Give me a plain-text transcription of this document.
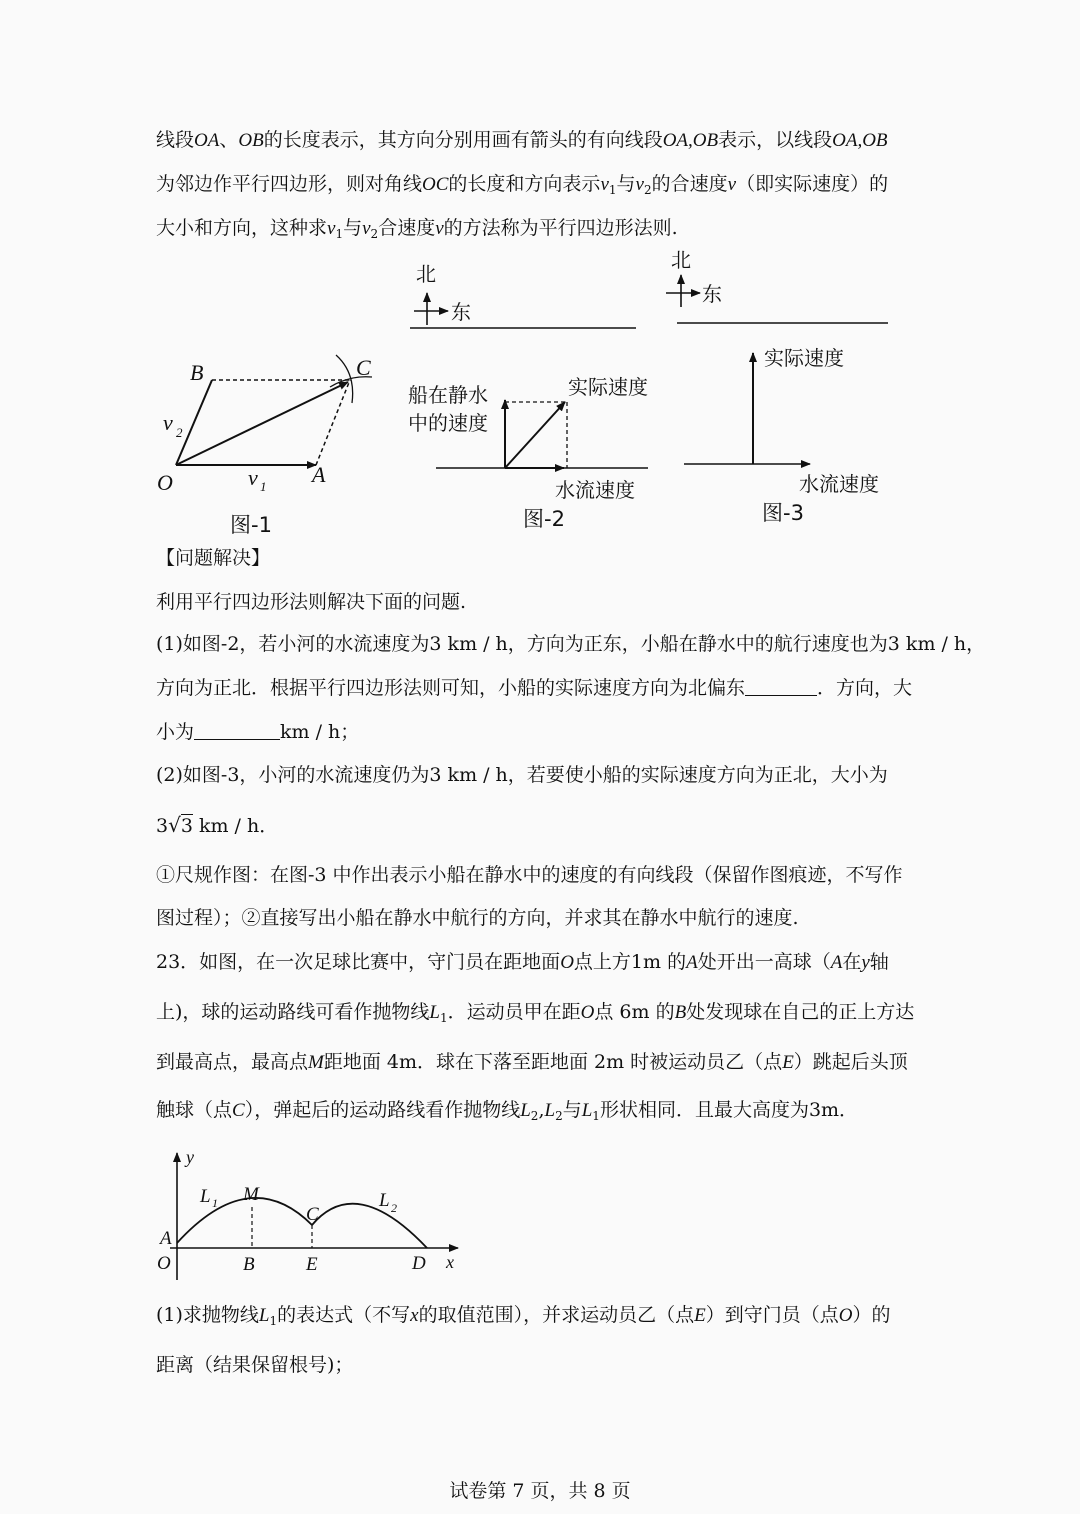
线段OA、OB的长度表示，其方向分别用画有箭头的有向线段OA,OB表示，以线段OA,OB
为邻边作平行四边形，则对角线OC的长度和方向表示$v_1$与$v_2$的合速度v（即实际速度）的
大小和方向，这种求$v_1$与$v_2$合速度v的方法称为平行四边形法则.
B	C
O	A
v 2
v 1
图-1
北
东
船在静水
中的速度
实际速度
水流速度
图-2
北
东
实际速度
水流速度
图-3
【问题解决】
利用平行四边形法则解决下面的问题.
(1)如图-2，若小河的水流速度为3 km / h，方向为正东，小船在静水中的航行速度也为3 km / h，
方向为正北．根据平行四边形法则可知，小船的实际速度方向为北偏东	．方向，大
小为	km / h；
(2)如图-3，小河的水流速度仍为3 km / h，若要使小船的实际速度方向为正北，大小为
3√3 km / h．
①尺规作图：在图-3 中作出表示小船在静水中的速度的有向线段（保留作图痕迹，不写作
图过程）；②直接写出小船在静水中航行的方向，并求其在静水中航行的速度.
23．如图，在一次足球比赛中，守门员在距地面O点上方1m 的A处开出一高球（A在y轴
上)，球的运动路线可看作抛物线$L_1$．运动员甲在距O点 6m 的B处发现球在自己的正上方达
到最高点，最高点M距地面 4m．球在下落至距地面 2m 时被运动员乙（点E）跳起后头顶
触球（点C），弹起后的运动路线看作抛物线$L_2,L_2$与$L_1$形状相同．且最大高度为3m．
y
x
O
A
M
B
C
E	D
L 1	L 2
(1)求抛物线$L_1$的表达式（不写x的取值范围），并求运动员乙（点E）到守门员（点O）的
距离（结果保留根号)；
试卷第 7 页，共 8 页
